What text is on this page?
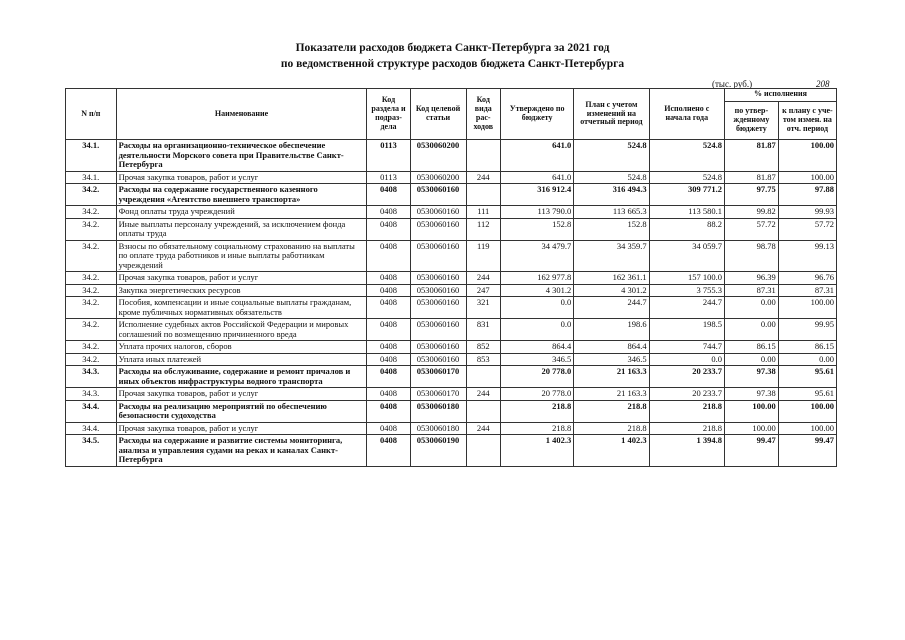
Показатели расходов бюджета Санкт-Петербурга за 2021 год
по ведомственной структуре расходов бюджета Санкт-Петербурга
(тыс. руб.)	208
N п/п	Наименование	Код раздела и подраз-дела	Код целевой статьи	Код вида рас-ходов	Утверждено по бюджету	План с учетом изменений на отчетный период	Исполнено с начала года	% исполнения	
								по утвер-жденному бюджету	к плану с уче-том измен. на отч. период
34.1.	Расходы на организационно-техническое обеспечение деятельности Морского совета при Правительстве Санкт-Петербурга	0113	0530060200		641.0	524.8	524.8	81.87	100.00
34.1.	Прочая закупка товаров, работ и услуг	0113	0530060200	244	641.0	524.8	524.8	81.87	100.00
34.2.	Расходы на содержание государственного казенного учреждения «Агентство внешнего транспорта»	0408	0530060160		316 912.4	316 494.3	309 771.2	97.75	97.88
34.2.	Фонд оплаты труда учреждений	0408	0530060160	111	113 790.0	113 665.3	113 580.1	99.82	99.93
34.2.	Иные выплаты персоналу учреждений, за исключением фонда оплаты труда	0408	0530060160	112	152.8	152.8	88.2	57.72	57.72
34.2.	Взносы по обязательному социальному страхованию на выплаты по оплате труда работников и иные выплаты работникам учреждений	0408	0530060160	119	34 479.7	34 359.7	34 059.7	98.78	99.13
34.2.	Прочая закупка товаров, работ и услуг	0408	0530060160	244	162 977.8	162 361.1	157 100.0	96.39	96.76
34.2.	Закупка энергетических ресурсов	0408	0530060160	247	4 301.2	4 301.2	3 755.3	87.31	87.31
34.2.	Пособия, компенсации и иные социальные выплаты гражданам, кроме публичных нормативных обязательств	0408	0530060160	321	0.0	244.7	244.7	0.00	100.00
34.2.	Исполнение судебных актов Российской Федерации и мировых соглашений по возмещению причиненного вреда	0408	0530060160	831	0.0	198.6	198.5	0.00	99.95
34.2.	Уплата прочих налогов, сборов	0408	0530060160	852	864.4	864.4	744.7	86.15	86.15
34.2.	Уплата иных платежей	0408	0530060160	853	346.5	346.5	0.0	0.00	0.00
34.3.	Расходы на обслуживание, содержание и ремонт причалов и иных объектов инфраструктуры водного транспорта	0408	0530060170		20 778.0	21 163.3	20 233.7	97.38	95.61
34.3.	Прочая закупка товаров, работ и услуг	0408	0530060170	244	20 778.0	21 163.3	20 233.7	97.38	95.61
34.4.	Расходы на реализацию мероприятий по обеспечению безопасности судоходства	0408	0530060180		218.8	218.8	218.8	100.00	100.00
34.4.	Прочая закупка товаров, работ и услуг	0408	0530060180	244	218.8	218.8	218.8	100.00	100.00
34.5.	Расходы на содержание и развитие системы мониторинга, анализа и управления судами на реках и каналах Санкт-Петербурга	0408	0530060190		1 402.3	1 402.3	1 394.8	99.47	99.47
